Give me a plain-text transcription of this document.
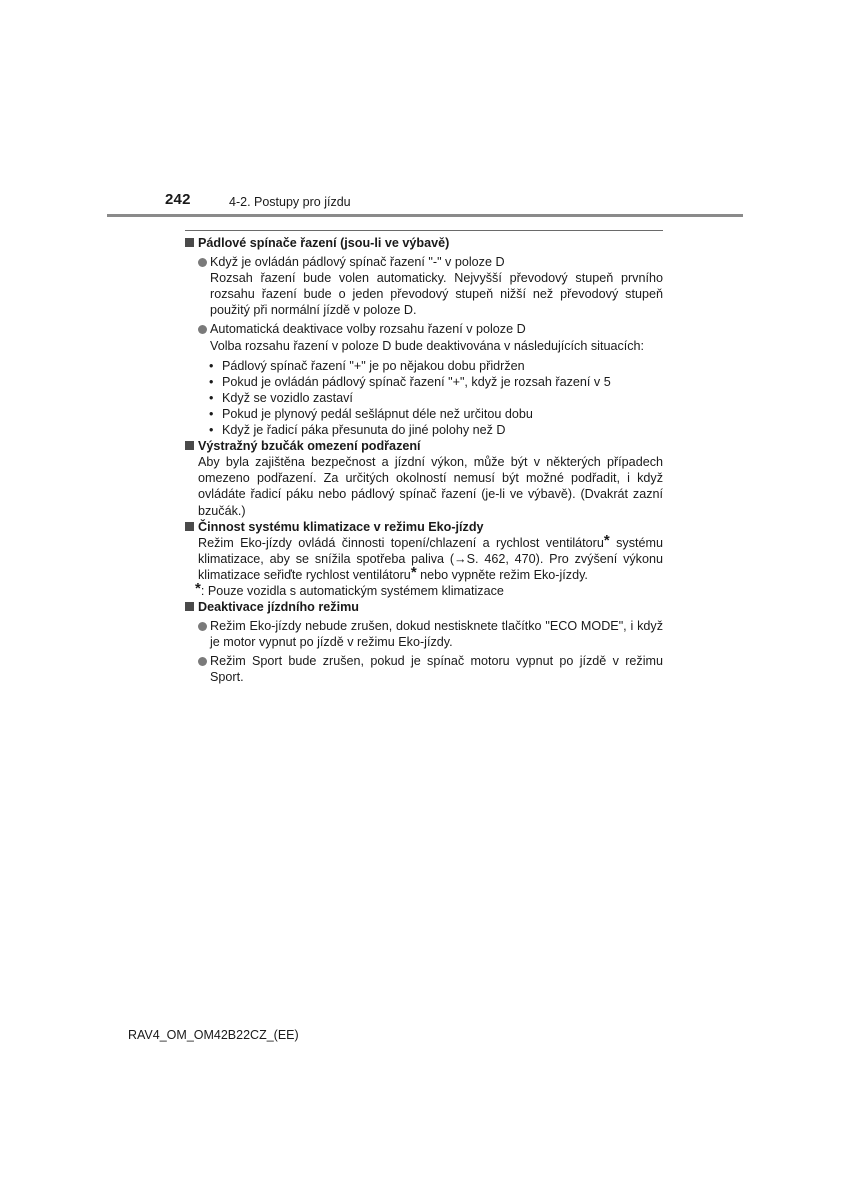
242	4-2. Postupy pro jízdu

Pádlové spínače řazení (jsou-li ve výbavě)

Když je ovládán pádlový spínač řazení "-" v poloze D

Rozsah řazení bude volen automaticky. Nejvyšší převodový stupeň prvního rozsahu řazení bude o jeden převodový stupeň nižší než převodový stupeň použitý při normální jízdě v poloze D.

Automatická deaktivace volby rozsahu řazení v poloze D

Volba rozsahu řazení v poloze D bude deaktivována v následujících situacích:

• Pádlový spínač řazení "+" je po nějakou dobu přidržen
• Pokud je ovládán pádlový spínač řazení "+", když je rozsah řazení v 5
• Když se vozidlo zastaví
• Pokud je plynový pedál sešlápnut déle než určitou dobu
• Když je řadicí páka přesunuta do jiné polohy než D

Výstražný bzučák omezení podřazení

Aby byla zajištěna bezpečnost a jízdní výkon, může být v některých případech omezeno podřazení. Za určitých okolností nemusí být možné podřadit, i když ovládáte řadicí páku nebo pádlový spínač řazení (je-li ve výbavě). (Dvakrát zazní bzučák.)

Činnost systému klimatizace v režimu Eko-jízdy

Režim Eko-jízdy ovládá činnosti topení/chlazení a rychlost ventilátoru* systému klimatizace, aby se snížila spotřeba paliva (→S. 462, 470). Pro zvýšení výkonu klimatizace seřiďte rychlost ventilátoru* nebo vypněte režim Eko-jízdy.

*: Pouze vozidla s automatickým systémem klimatizace

Deaktivace jízdního režimu

Režim Eko-jízdy nebude zrušen, dokud nestisknete tlačítko "ECO MODE", i když je motor vypnut po jízdě v režimu Eko-jízdy.

Režim Sport bude zrušen, pokud je spínač motoru vypnut po jízdě v režimu Sport.

RAV4_OM_OM42B22CZ_(EE)
